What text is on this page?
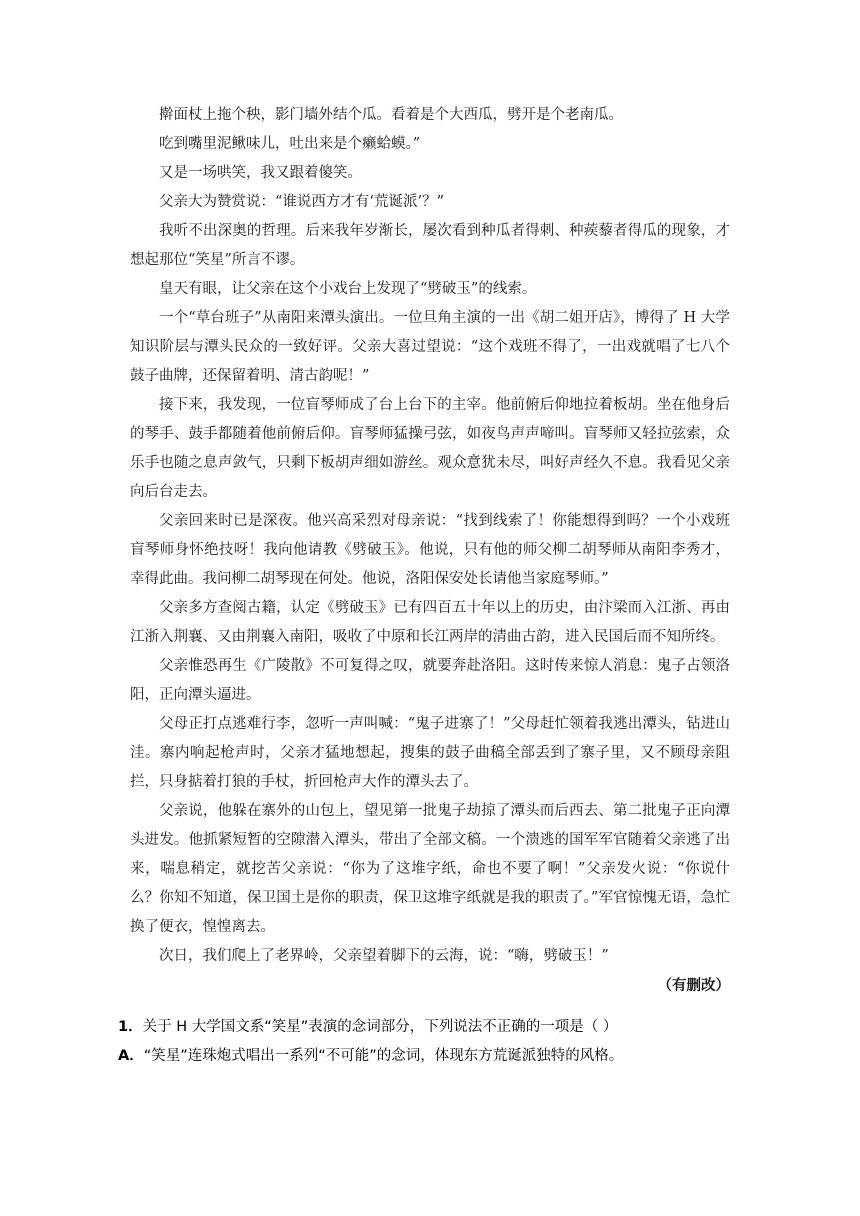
擀面杖上拖个秧，影门墙外结个瓜。看着是个大西瓜，劈开是个老南瓜。

吃到嘴里泥鳅味儿，吐出来是个癞蛤蟆。”

又是一场哄笑，我又跟着傻笑。

父亲大为赞赏说：“谁说西方才有‘荒诞派’？”

我听不出深奥的哲理。后来我年岁渐长，屡次看到种瓜者得刺、种蒺藜者得瓜的现象，才想起那位“笑星”所言不谬。

皇天有眼，让父亲在这个小戏台上发现了“劈破玉”的线索。

一个“草台班子”从南阳来潭头演出。一位旦角主演的一出《胡二姐开店》，博得了 H 大学知识阶层与潭头民众的一致好评。父亲大喜过望说：“这个戏班不得了，一出戏就唱了七八个鼓子曲牌，还保留着明、清古韵呢！”

接下来，我发现，一位盲琴师成了台上台下的主宰。他前俯后仰地拉着板胡。坐在他身后的琴手、鼓手都随着他前俯后仰。盲琴师猛操弓弦，如夜鸟声声啼叫。盲琴师又轻拉弦索，众乐手也随之息声敛气，只剩下板胡声细如游丝。观众意犹未尽，叫好声经久不息。我看见父亲向后台走去。

父亲回来时已是深夜。他兴高采烈对母亲说：“找到线索了！你能想得到吗？一个小戏班盲琴师身怀绝技呀！我向他请教《劈破玉》。他说，只有他的师父柳二胡琴师从南阳李秀才，幸得此曲。我问柳二胡琴现在何处。他说，洛阳保安处长请他当家庭琴师。”

父亲多方查阅古籍，认定《劈破玉》已有四百五十年以上的历史，由汴梁而入江浙、再由江浙入荆襄、又由荆襄入南阳，吸收了中原和长江两岸的清曲古韵，进入民国后而不知所终。

父亲惟恐再生《广陵散》不可复得之叹，就要奔赴洛阳。这时传来惊人消息：鬼子占领洛阳，正向潭头逼进。

父母正打点逃难行李，忽听一声叫喊：“鬼子进寨了！”父母赶忙领着我逃出潭头，钻进山洼。寨内响起枪声时，父亲才猛地想起，搜集的鼓子曲稿全部丢到了寨子里，又不顾母亲阻拦，只身掂着打狼的手杖，折回枪声大作的潭头去了。

父亲说，他躲在寨外的山包上，望见第一批鬼子劫掠了潭头而后西去、第二批鬼子正向潭头进发。他抓紧短暂的空隙潜入潭头，带出了全部文稿。一个溃逃的国军军官随着父亲逃了出来，喘息稍定，就挖苦父亲说：“你为了这堆字纸，命也不要了啊！”父亲发火说：“你说什么？你知不知道，保卫国土是你的职责，保卫这堆字纸就是我的职责了。”军官惊愧无语，急忙换了便衣，惶惶离去。

次日，我们爬上了老界岭，父亲望着脚下的云海，说：“嗨，劈破玉！”

（有删改）

1．关于 H 大学国文系“笑星”表演的念词部分，下列说法不正确的一项是（ ）

A．“笑星”连珠炮式唱出一系列“不可能”的念词，体现东方荒诞派独特的风格。
